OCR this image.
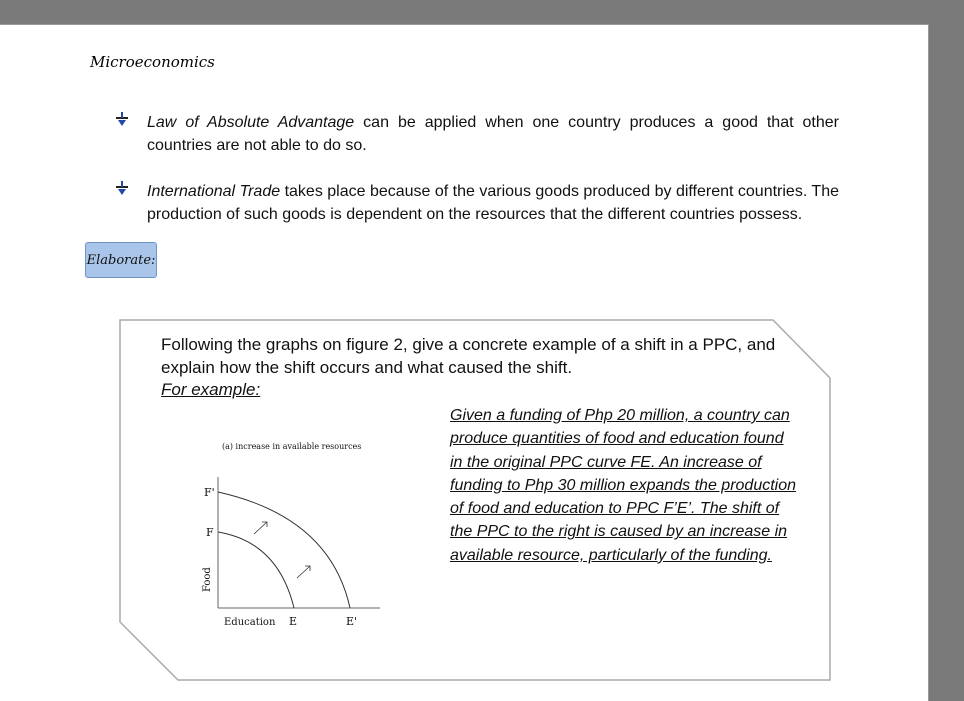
Microeconomics
Law of Absolute Advantage can be applied when one country produces a good that other countries are not able to do so.
International Trade takes place because of the various goods produced by different countries. The production of such goods is dependent on the resources that the different countries possess.
Elaborate:
Following the graphs on figure 2, give a concrete example of a shift in a PPC, and explain how the shift occurs and what caused the shift.
For example:
(a) increase in available resources
F'
F
Food
Education E	E'
Given a funding of Php 20 million, a country can produce quantities of food and education found in the original PPC curve FE. An increase of funding to Php 30 million expands the production of food and education to PPC F’E’. The shift of the PPC to the right is caused by an increase in available resource, particularly of the funding.
